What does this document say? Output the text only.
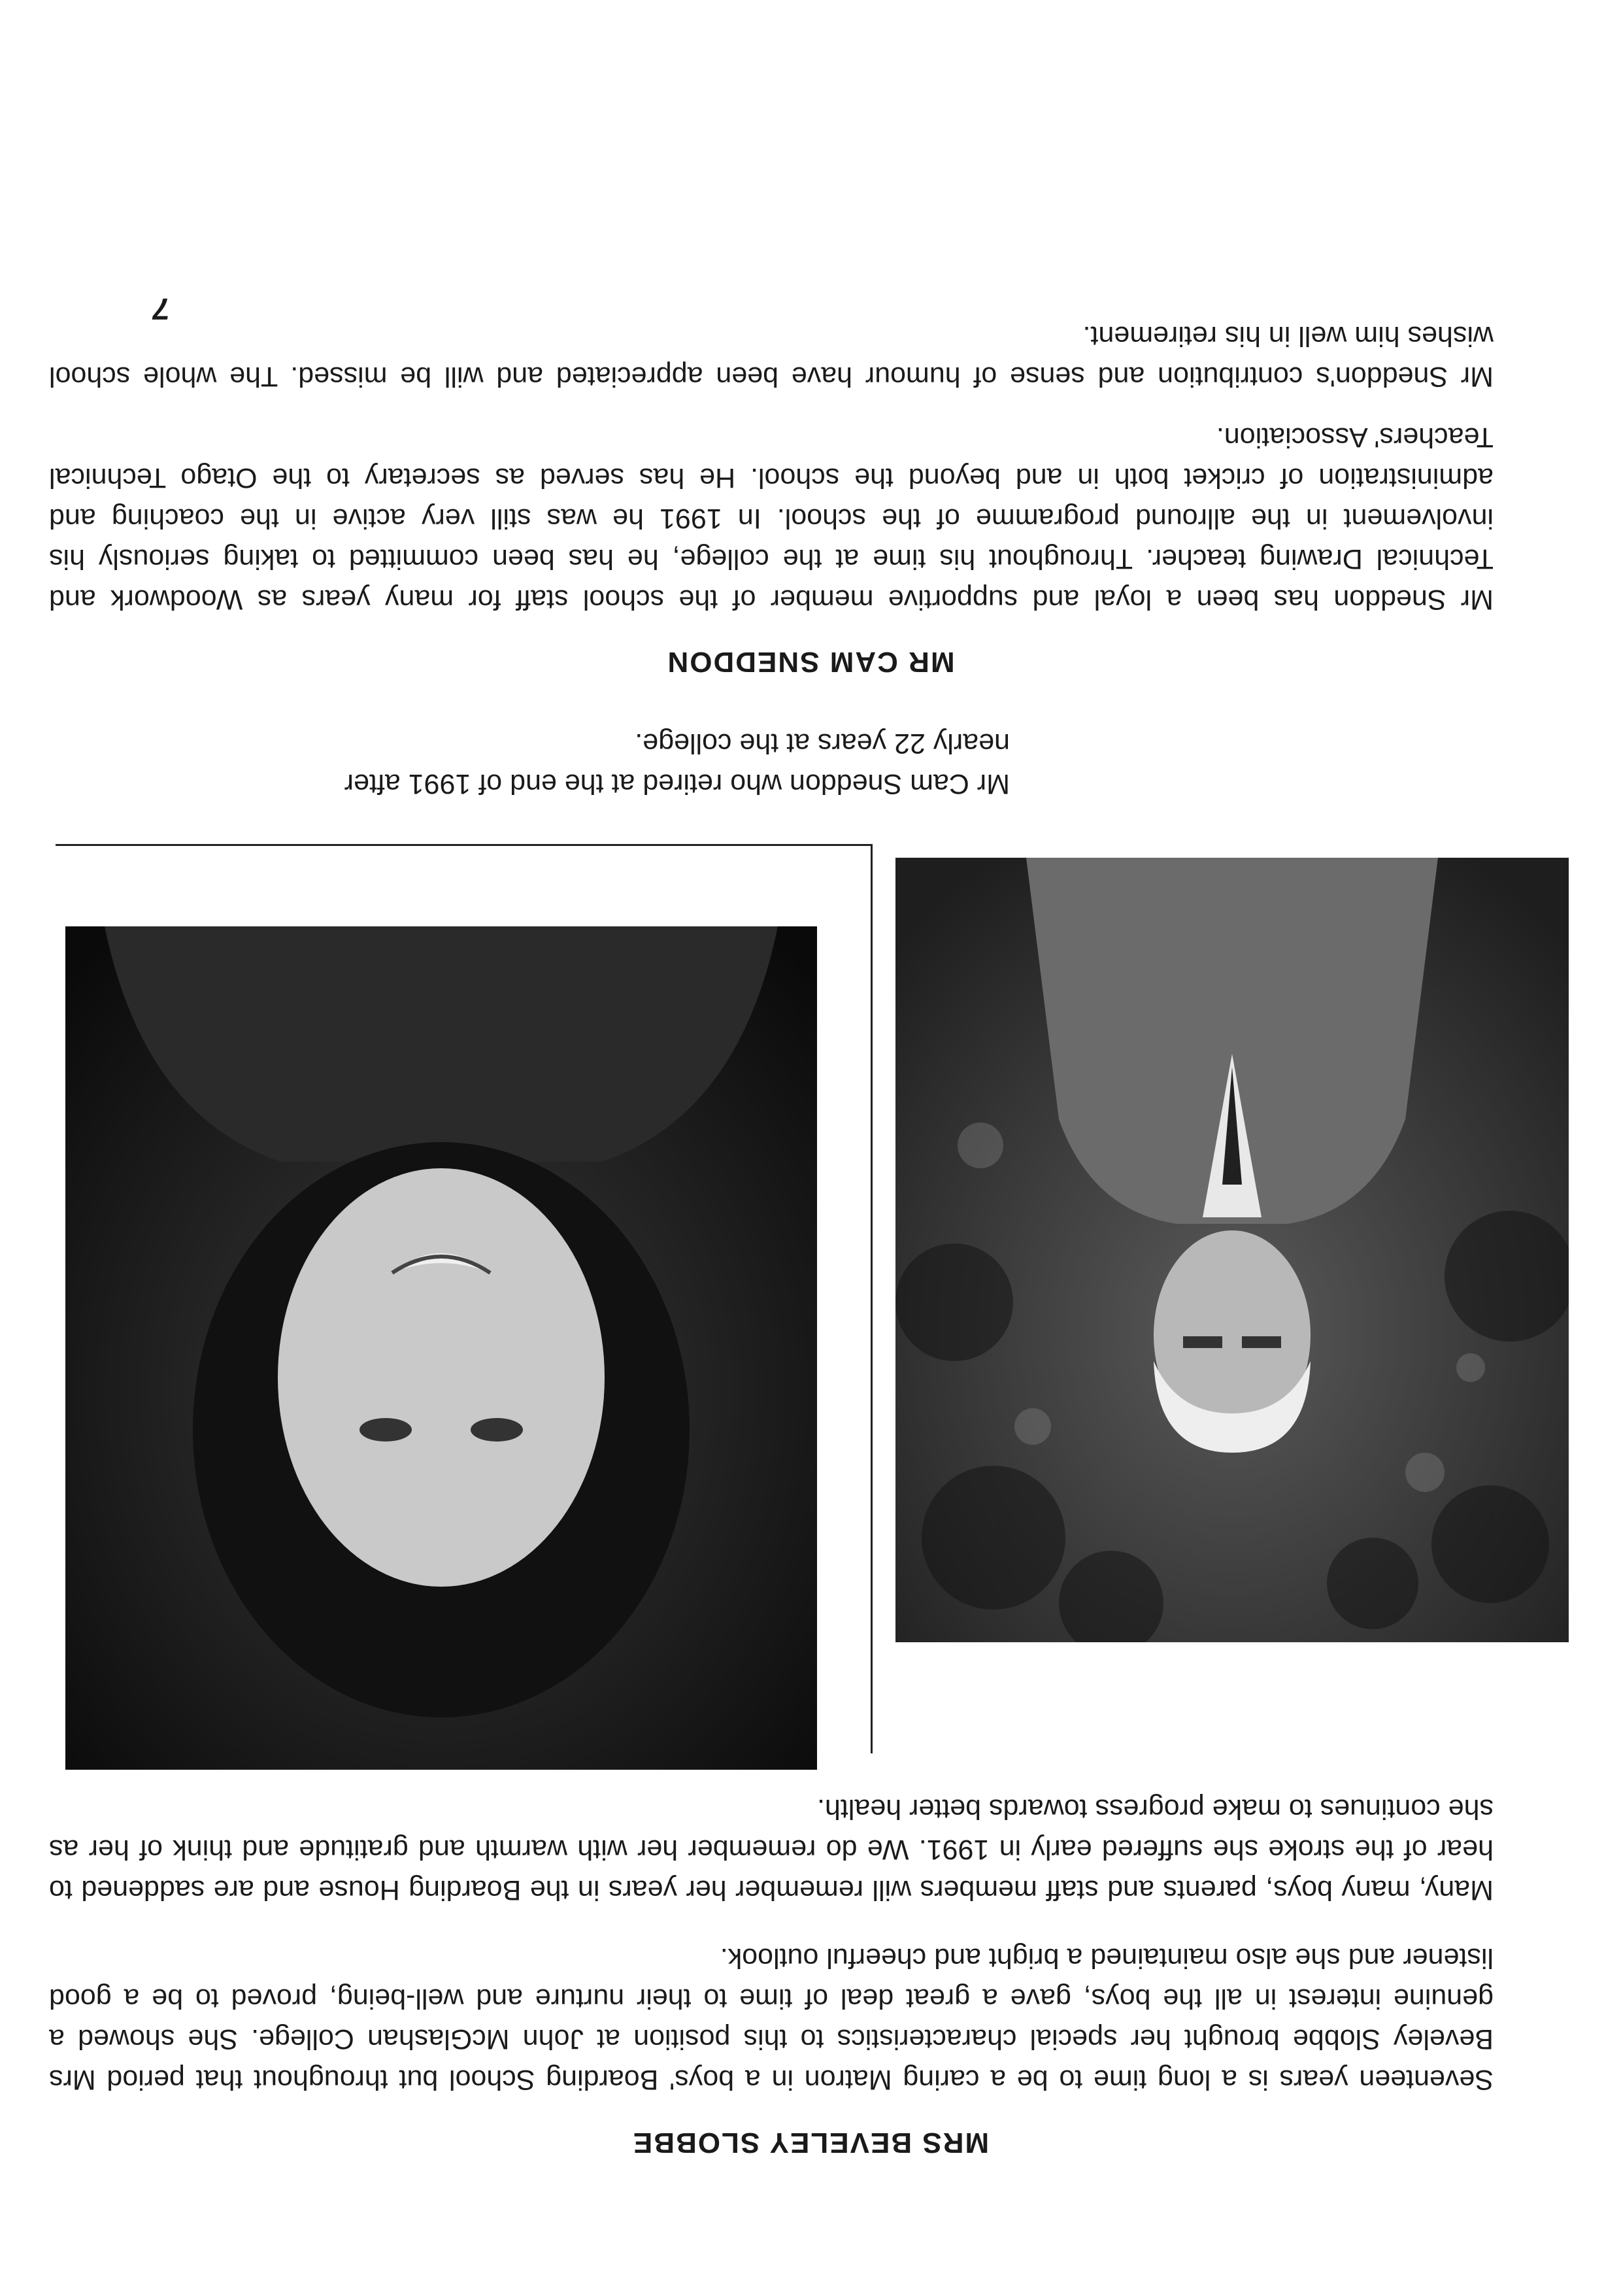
7
Mr Sneddon's contribution and sense of humour have been appreciated and will be missed. The whole school wishes him well in his retirement.
Mr Sneddon has been a loyal and supportive member of the school staff for many years as Woodwork and Technical Drawing teacher. Throughout his time at the college, he has been committed to taking seriously his involvement in the allround programme of the school. In 1991 he was still very active in the coaching and administration of cricket both in and beyond the school. He has served as secretary to the Otago Technical Teachers' Association.
MR CAM SNEDDON
Mr Cam Sneddon who retired at the end of 1991 after nearly 22 years at the college.
Many, many boys, parents and staff members will remember her years in the Boarding House and are saddened to hear of the stroke she suffered early in 1991. We do remember her with warmth and gratitude and think of her as she continues to make progress towards better health.
Seventeen years is a long time to be a caring Matron in a boys' Boarding School but throughout that period Mrs Beveley Slobbe brought her special characteristics to this position at John McGlashan College. She showed a genuine interest in all the boys, gave a great deal of time to their nurture and well-being, proved to be a good listener and she also maintained a bright and cheerful outlook.
MRS BEVELEY SLOBBE
